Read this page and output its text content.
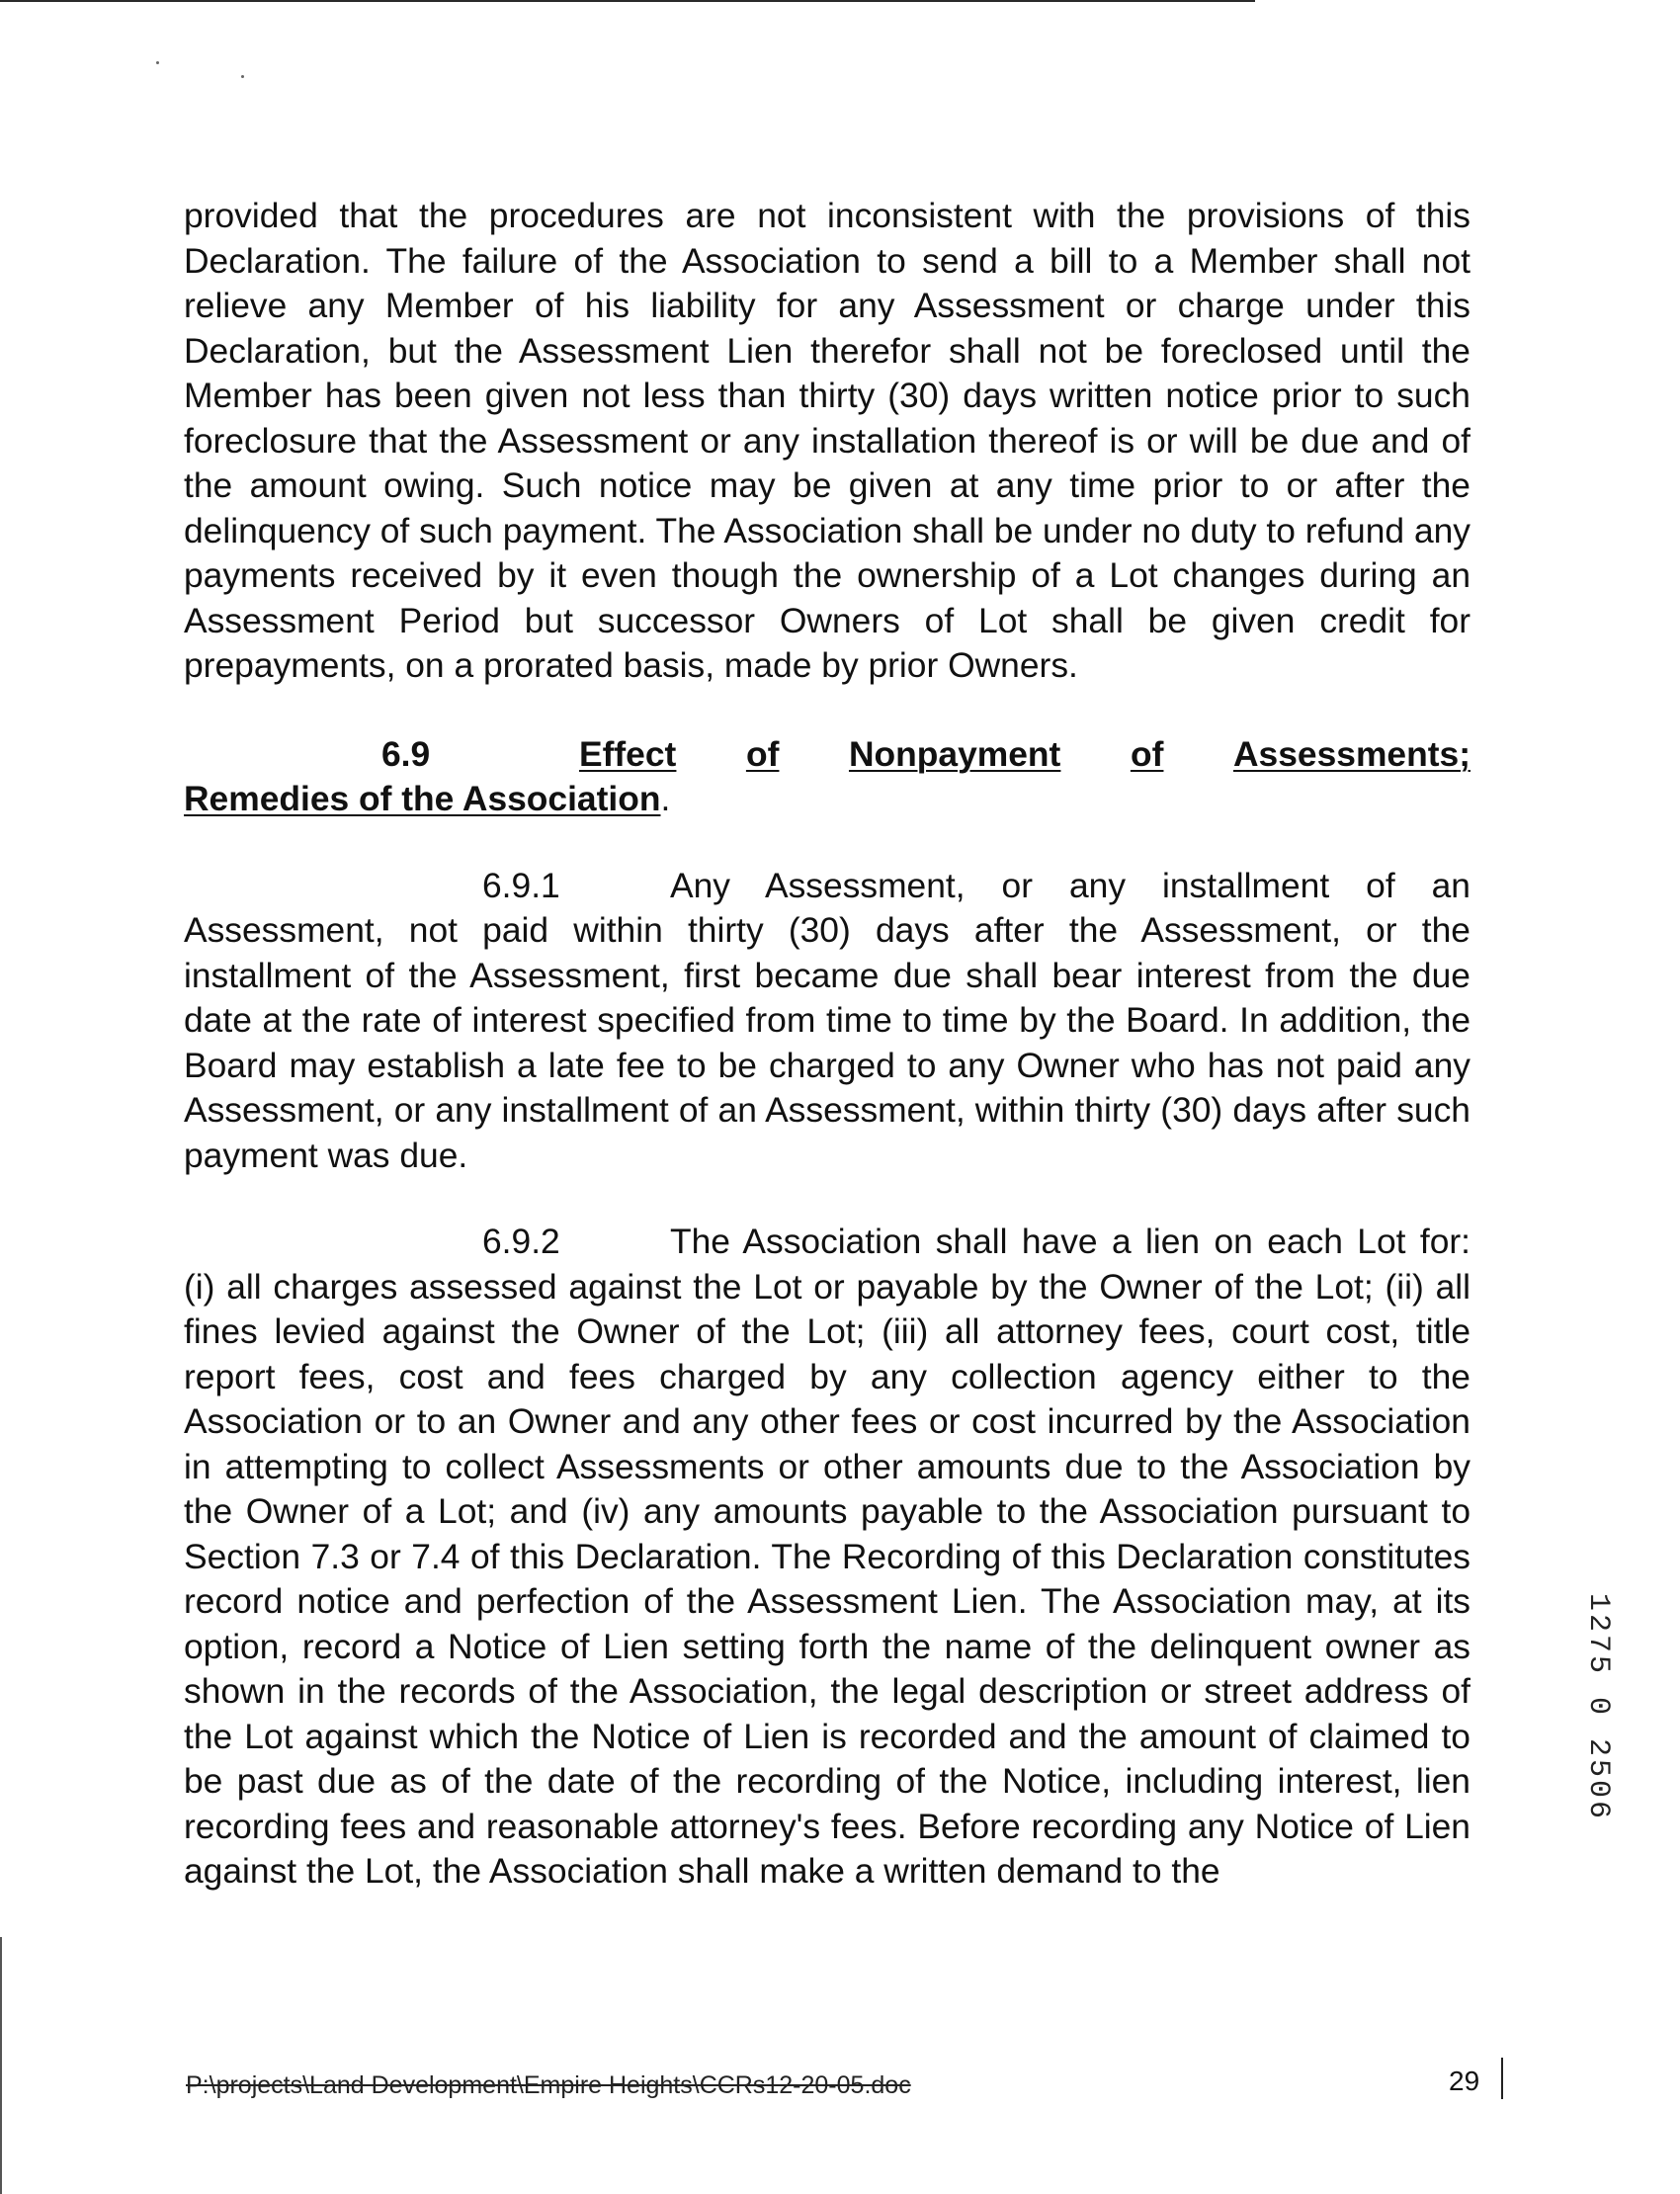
provided that the procedures are not inconsistent with the provisions of this Declaration. The failure of the Association to send a bill to a Member shall not relieve any Member of his liability for any Assessment or charge under this Declaration, but the Assessment Lien therefor shall not be foreclosed until the Member has been given not less than thirty (30) days written notice prior to such foreclosure that the Assessment or any installation thereof is or will be due and of the amount owing. Such notice may be given at any time prior to or after the delinquency of such payment. The Association shall be under no duty to refund any payments received by it even though the ownership of a Lot changes during an Assessment Period but successor Owners of Lot shall be given credit for prepayments, on a prorated basis, made by prior Owners.

6.9	Effect of Nonpayment of Assessments;
Remedies of the Association.

6.9.1	Any Assessment, or any installment of an Assessment, not paid within thirty (30) days after the Assessment, or the installment of the Assessment, first became due shall bear interest from the due date at the rate of interest specified from time to time by the Board. In addition, the Board may establish a late fee to be charged to any Owner who has not paid any Assessment, or any installment of an Assessment, within thirty (30) days after such payment was due.

6.9.2	The Association shall have a lien on each Lot for: (i) all charges assessed against the Lot or payable by the Owner of the Lot; (ii) all fines levied against the Owner of the Lot; (iii) all attorney fees, court cost, title report fees, cost and fees charged by any collection agency either to the Association or to an Owner and any other fees or cost incurred by the Association in attempting to collect Assessments or other amounts due to the Association by the Owner of a Lot; and (iv) any amounts payable to the Association pursuant to Section 7.3 or 7.4 of this Declaration. The Recording of this Declaration constitutes record notice and perfection of the Assessment Lien. The Association may, at its option, record a Notice of Lien setting forth the name of the delinquent owner as shown in the records of the Association, the legal description or street address of the Lot against which the Notice of Lien is recorded and the amount of claimed to be past due as of the date of the recording of the Notice, including interest, lien recording fees and reasonable attorney's fees. Before recording any Notice of Lien against the Lot, the Association shall make a written demand to the

1275 0 2506
P:\projects\Land Development\Empire Heights\CCRs12-20-05.doc	29
